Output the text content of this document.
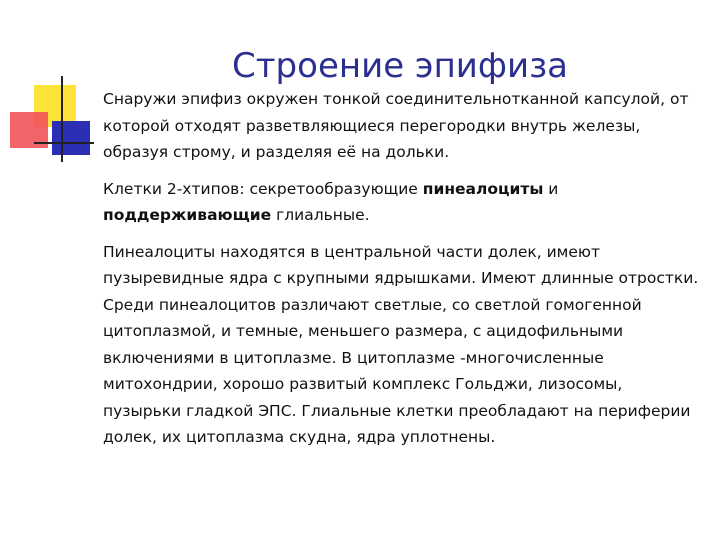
Строение эпифиза

Снаружи эпифиз окружен тонкой соединительнотканной капсулой, от которой отходят разветвляющиеся перегородки внутрь железы, образуя строму, и разделяя её на дольки.

Клетки 2-хтипов: секретообразующие пинеалоциты и поддерживающие глиальные.

Пинеалоциты находятся в центральной части долек, имеют пузыревидные ядра с крупными ядрышками. Имеют длинные отростки. Среди пинеалоцитов различают светлые, со светлой гомогенной цитоплазмой, и темные, меньшего размера, с ацидофильными включениями в цитоплазме. В цитоплазме -многочисленные митохондрии, хорошо развитый комплекс Гольджи, лизосомы, пузырьки гладкой ЭПС. Глиальные клетки преобладают на периферии долек, их цитоплазма скудна, ядра уплотнены.
